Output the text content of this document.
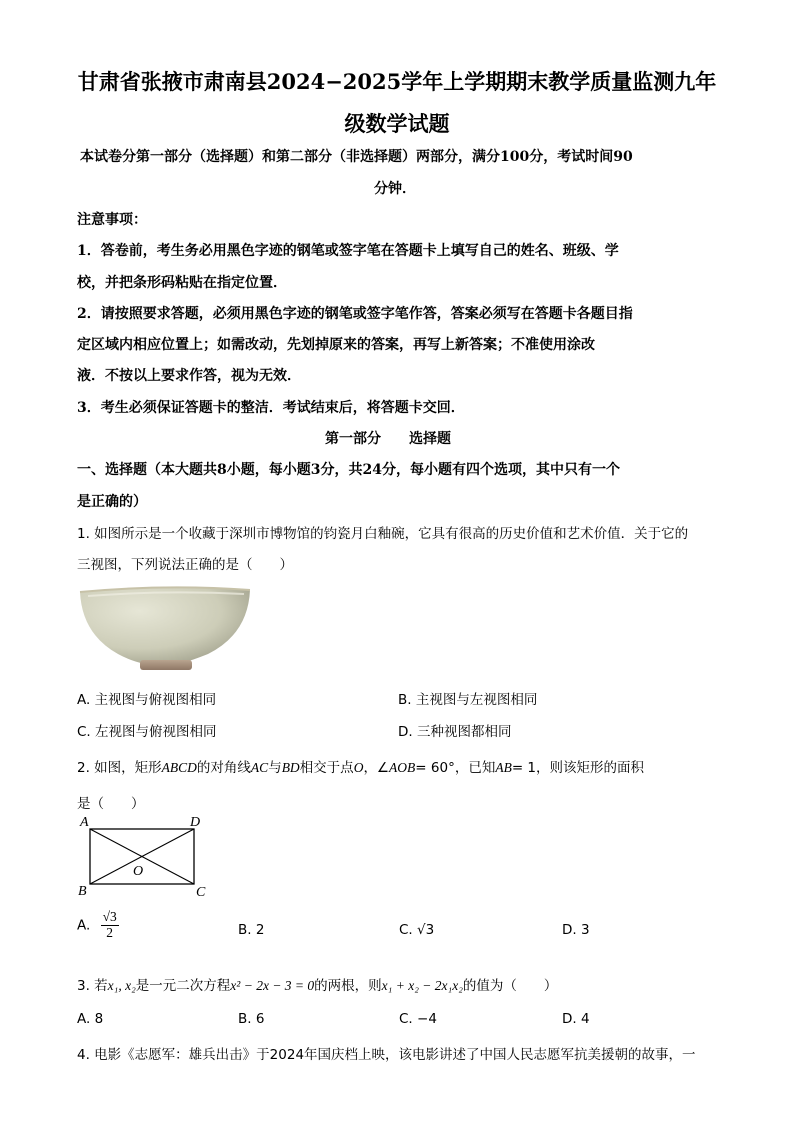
甘肃省张掖市肃南县2024−2025学年上学期期末教学质量监测九年
级数学试题
本试卷分第一部分（选择题）和第二部分（非选择题）两部分，满分100分，考试时间90
分钟．
注意事项：
1．答卷前，考生务必用黑色字迹的钢笔或签字笔在答题卡上填写自己的姓名、班级、学
校，并把条形码粘贴在指定位置．
2．请按照要求答题，必须用黑色字迹的钢笔或签字笔作答，答案必须写在答题卡各题目指
定区域内相应位置上；如需改动，先划掉原来的答案，再写上新答案；不准使用涂改
液．不按以上要求作答，视为无效．
3．考生必须保证答题卡的整洁．考试结束后，将答题卡交回．
第一部分　　选择题
一、选择题（本大题共8小题，每小题3分，共24分，每小题有四个选项，其中只有一个
是正确的）
1. 如图所示是一个收藏于深圳市博物馆的钧瓷月白釉碗，它具有很高的历史价值和艺术价值．关于它的
三视图，下列说法正确的是（　　）
A. 主视图与俯视图相同	B. 主视图与左视图相同
C. 左视图与俯视图相同	D. 三种视图都相同
2. 如图，矩形ABCD的对角线AC与BD相交于点O，∠AOB= 60°，已知AB= 1，则该矩形的面积
是（　　）
A	D
B	C
O
A. $\frac{√3}{2}$	B. 2	C. √3	D. 3
3. 若x₁, x₂是一元二次方程x² − 2x − 3 = 0的两根，则x₁ + x₂ − 2x₁x₂的值为（　　）
A. 8	B. 6	C. −4	D. 4
4. 电影《志愿军：雄兵出击》于2024年国庆档上映，该电影讲述了中国人民志愿军抗美援朝的故事，一
